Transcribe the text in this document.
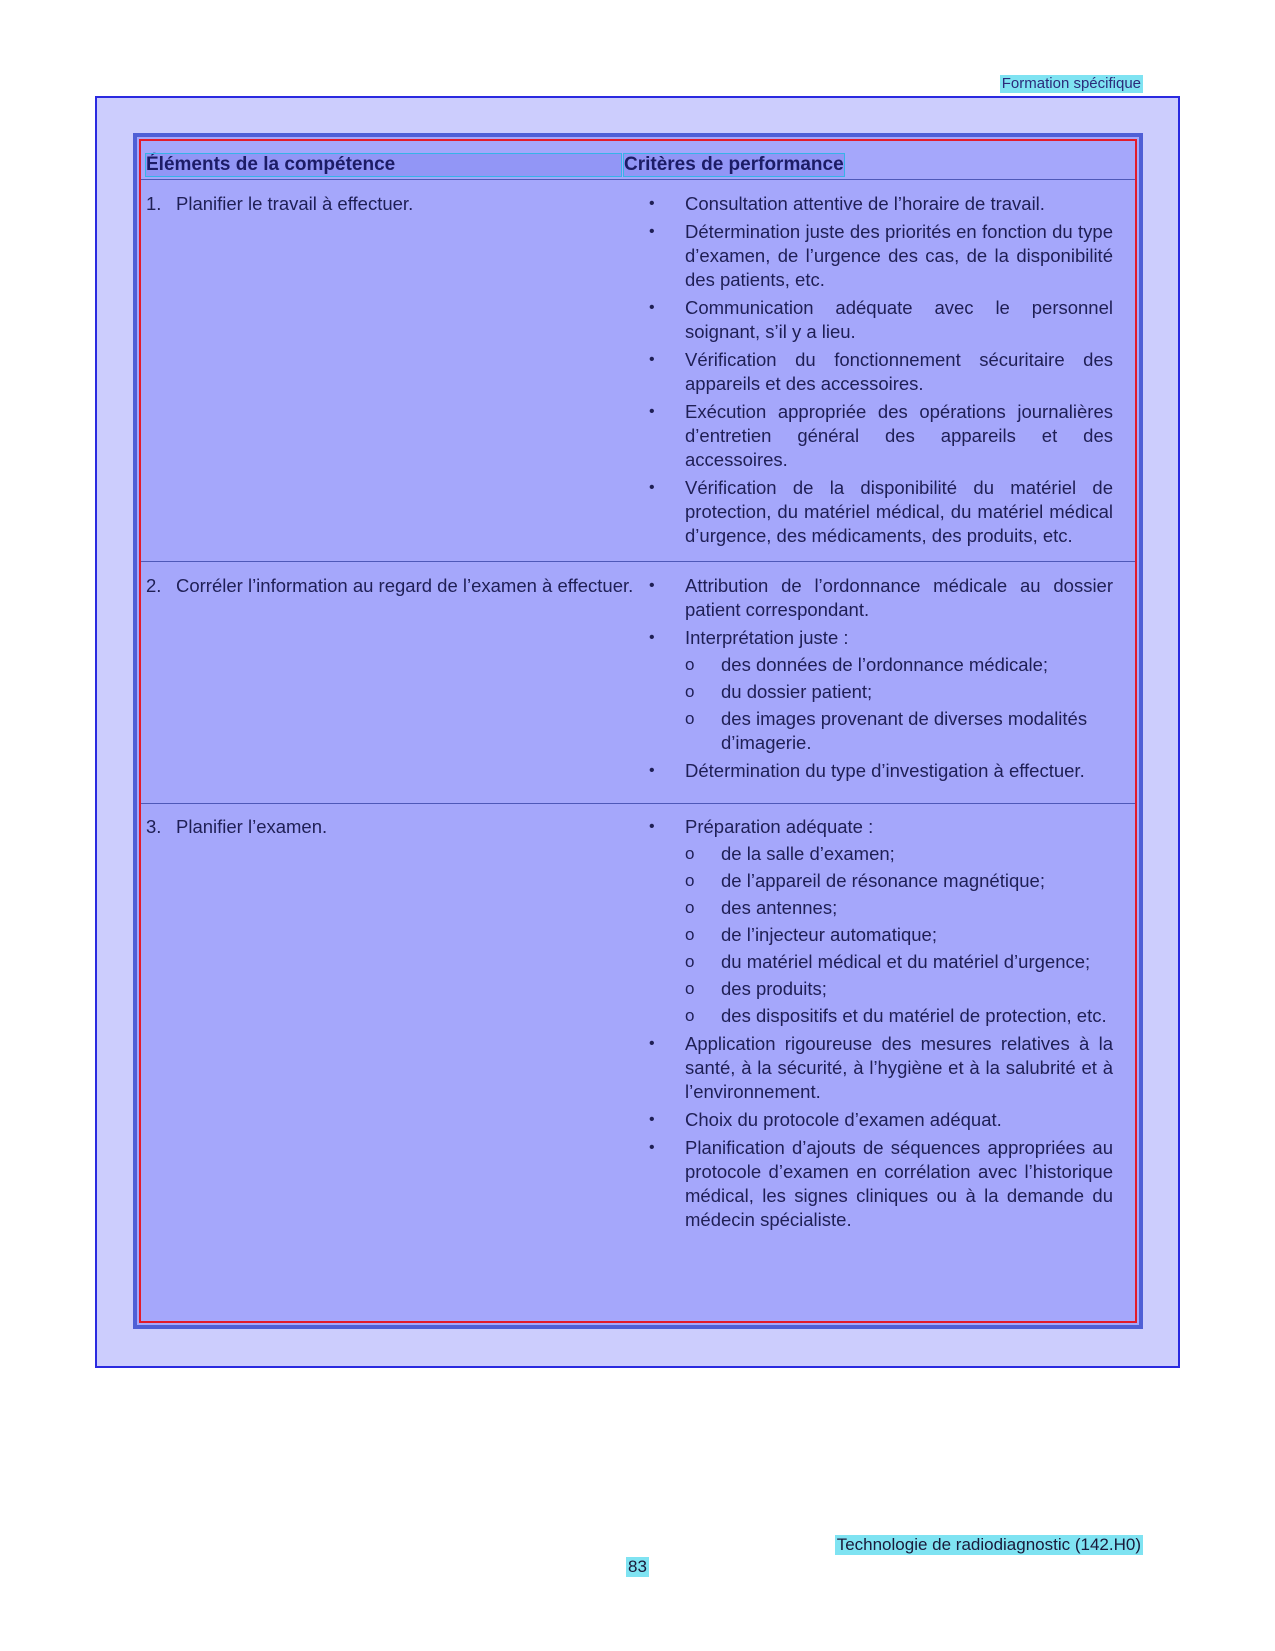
Formation spécifique
Éléments de la compétence	Critères de performance
1. Planifier le travail à effectuer.	•	Consultation attentive de l’horaire de travail.
•	Détermination juste des priorités en fonction du type d’examen, de l’urgence des cas, de la disponibilité des patients, etc.
•	Communication adéquate avec le personnel soignant, s’il y a lieu.
•	Vérification du fonctionnement sécuritaire des appareils et des accessoires.
•	Exécution appropriée des opérations journalières d’entretien général des appareils et des accessoires.
•	Vérification de la disponibilité du matériel de protection, du matériel médical, du matériel médical d’urgence, des médicaments, des produits, etc.
2. Corréler l’information au regard de l’examen à effectuer. •	Attribution de l’ordonnance médicale au dossier patient correspondant.
•	Interprétation juste :
o des données de l’ordonnance médicale;
o du dossier patient;
o des images provenant de diverses modalités d’imagerie.
•	Détermination du type d’investigation à effectuer.
3. Planifier l’examen.	•	Préparation adéquate :
o de la salle d’examen;
o de l’appareil de résonance magnétique;
o des antennes;
o de l’injecteur automatique;
o du matériel médical et du matériel d’urgence;
o des produits;
o des dispositifs et du matériel de protection, etc.
•	Application rigoureuse des mesures relatives à la santé, à la sécurité, à l’hygiène et à la salubrité et à l’environnement.
•	Choix du protocole d’examen adéquat.
•	Planification d’ajouts de séquences appropriées au protocole d’examen en corrélation avec l’historique médical, les signes cliniques ou à la demande du médecin spécialiste.
Technologie de radiodiagnostic (142.H0)
83
